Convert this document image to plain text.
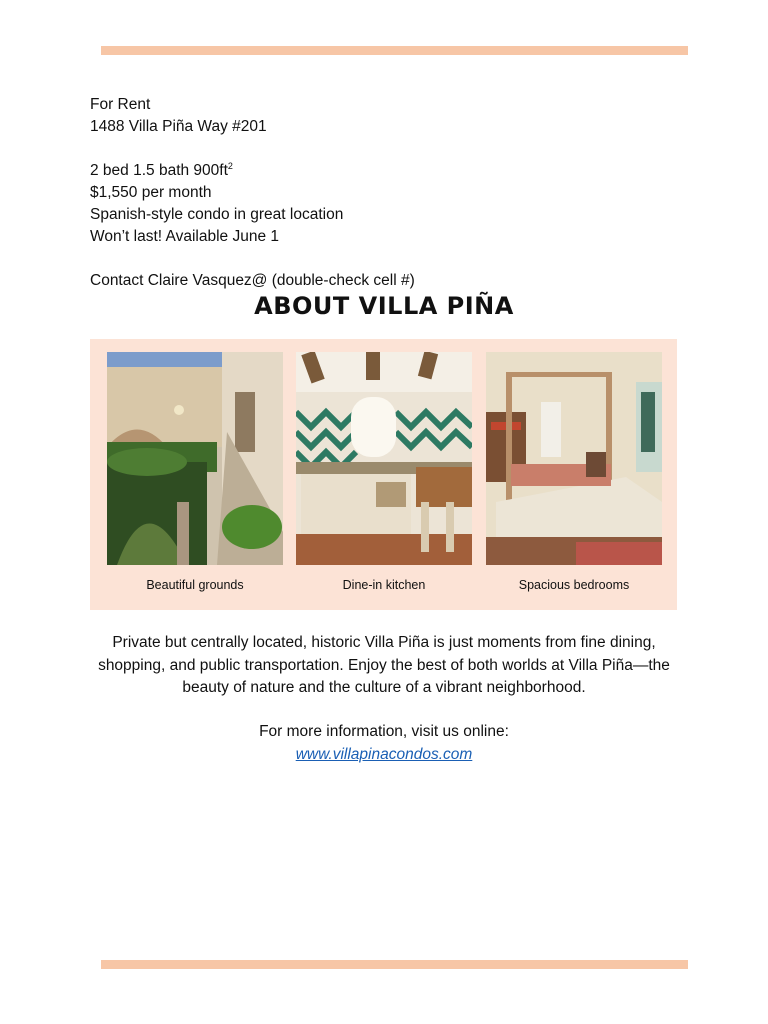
For Rent
1488 Villa Piña Way #201
2 bed 1.5 bath $900ft^2$
$1,550 per month
Spanish-style condo in great location
Won’t last! Available June 1
Contact Claire Vasquez@ (double-check cell #)
ABOUT VILLA PIÑA
Beautiful grounds	Dine-in kitchen	Spacious bedrooms
Private but centrally located, historic Villa Piña is just moments from fine dining, shopping, and public transportation. Enjoy the best of both worlds at Villa Piña—the beauty of nature and the culture of a vibrant neighborhood.
For more information, visit us online:
www.villapinacondos.com
